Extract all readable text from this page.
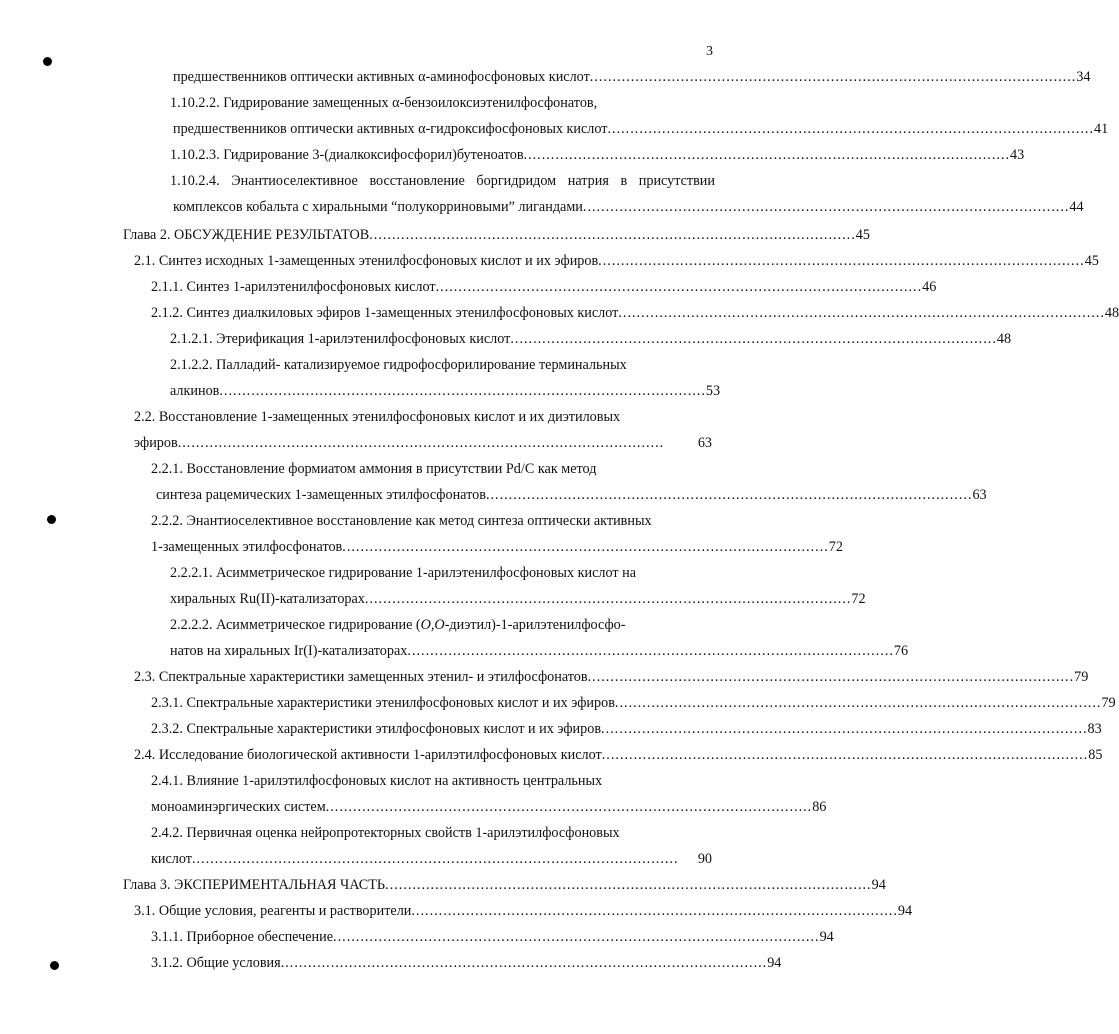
3
предшественников оптически активных α-аминофосфоновых кислот ........................................................................................................... 34
1.10.2.2. Гидрирование замещенных α-бензоилоксиэтенилфосфонатов,
предшественников оптически активных α-гидроксифосфоновых кислот ........................................................................................................... 41
1.10.2.3. Гидрирование 3-(диалкоксифосфорил)бутеноатов ........................................................................................................... 43
1.10.2.4. Энантиоселективное восстановление боргидридом натрия в присутствии
комплексов кобальта с хиральными “полукорриновыми” лигандами ........................................................................................................... 44
Глава 2. ОБСУЖДЕНИЕ РЕЗУЛЬТАТОВ ........................................................................................................... 45
2.1. Синтез исходных 1-замещенных этенилфосфоновых кислот и их эфиров ........................................................................................................... 45
2.1.1. Синтез 1-арилэтенилфосфоновых кислот ........................................................................................................... 46
2.1.2. Синтез диалкиловых эфиров 1-замещенных этенилфосфоновых кислот ........................................................................................................... 48
2.1.2.1. Этерификация 1-арилэтенилфосфоновых кислот ........................................................................................................... 48
2.1.2.2. Палладий- катализируемое гидрофосфорилирование терминальных
алкинов ........................................................................................................... 53
2.2. Восстановление 1-замещенных этенилфосфоновых кислот и их диэтиловых
эфиров ...........................................................................................................	63
2.2.1. Восстановление формиатом аммония в присутствии Pd/C как метод
синтеза рацемических 1-замещенных этилфосфонатов ........................................................................................................... 63
2.2.2. Энантиоселективное восстановление как метод синтеза оптически активных
1-замещенных этилфосфонатов ........................................................................................................... 72
2.2.2.1. Асимметрическое гидрирование 1-арилэтенилфосфоновых кислот на
хиральных Ru(II)-катализаторах ........................................................................................................... 72
2.2.2.2. Асимметрическое гидрирование (O,O-диэтил)-1-арилэтенилфосфо-
натов на хиральных Ir(I)-катализаторах ........................................................................................................... 76
2.3. Спектральные характеристики замещенных этенил- и этилфосфонатов ........................................................................................................... 79
2.3.1. Спектральные характеристики этенилфосфоновых кислот и их эфиров ........................................................................................................... 79
2.3.2. Спектральные характеристики этилфосфоновых кислот и их эфиров ........................................................................................................... 83
2.4. Исследование биологической активности 1-арилэтилфосфоновых кислот ........................................................................................................... 85
2.4.1. Влияние 1-арилэтилфосфоновых кислот на активность центральных
моноаминэргических систем ........................................................................................................... 86
2.4.2. Первичная оценка нейропротекторных свойств 1-арилэтилфосфоновых
кислот ...........................................................................................................	90
Глава 3. ЭКСПЕРИМЕНТАЛЬНАЯ ЧАСТЬ ........................................................................................................... 94
3.1. Общие условия, реагенты и растворители ........................................................................................................... 94
3.1.1. Приборное обеспечение ........................................................................................................... 94
3.1.2. Общие условия ........................................................................................................... 94
